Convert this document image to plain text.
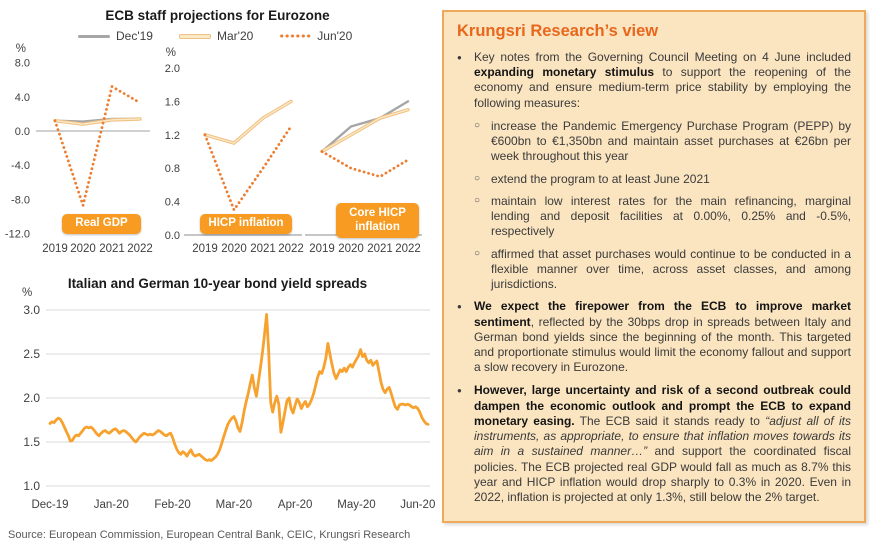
ECB staff projections for Eurozone
Dec'19	Mar'20	Jun'20
8.0
4.0
0.0
-4.0
-8.0
-12.0
%
2019 2020 2021 2022
2.0
1.6
1.2
0.8
0.4
0.0
%
2019 2020 2021 2022 2019 2020 2021 2022
Real GDP	HICP inflation
Core HICP inflation
Italian and German 10-year bond yield spreads
%
3.0
2.5
2.0
1.5
1.0
Dec-19 Jan-20 Feb-20 Mar-20 Apr-20 May-20 Jun-20
Source: European Commission, European Central Bank, CEIC, Krungsri Research
Krungsri Research’s view
●	Key notes from the Governing Council Meeting on 4 June included expanding monetary stimulus to support the reopening of the economy and ensure medium-term price stability by employing the following measures:

○ increase the Pandemic Emergency Purchase Program (PEPP) by €600bn to €1,350bn and maintain asset purchases at €26bn per week throughout this year

○ extend the program to at least June 2021

○ maintain low interest rates for the main refinancing, marginal lending and deposit facilities at 0.00%, 0.25% and -0.5%, respectively

○ affirmed that asset purchases would continue to be conducted in a flexible manner over time, across asset classes, and among jurisdictions.

●	We expect the firepower from the ECB to improve market sentiment, reflected by the 30bps drop in spreads between Italy and German bond yields since the beginning of the month. This targeted and proportionate stimulus would limit the economy fallout and support a slow recovery in Eurozone.

●	However, large uncertainty and risk of a second outbreak could dampen the economic outlook and prompt the ECB to expand monetary easing. The ECB said it stands ready to “adjust all of its instruments, as appropriate, to ensure that inflation moves towards its aim in a sustained manner…” and support the coordinated fiscal policies. The ECB projected real GDP would fall as much as 8.7% this year and HICP inflation would drop sharply to 0.3% in 2020. Even in 2022, inflation is projected at only 1.3%, still below the 2% target.
